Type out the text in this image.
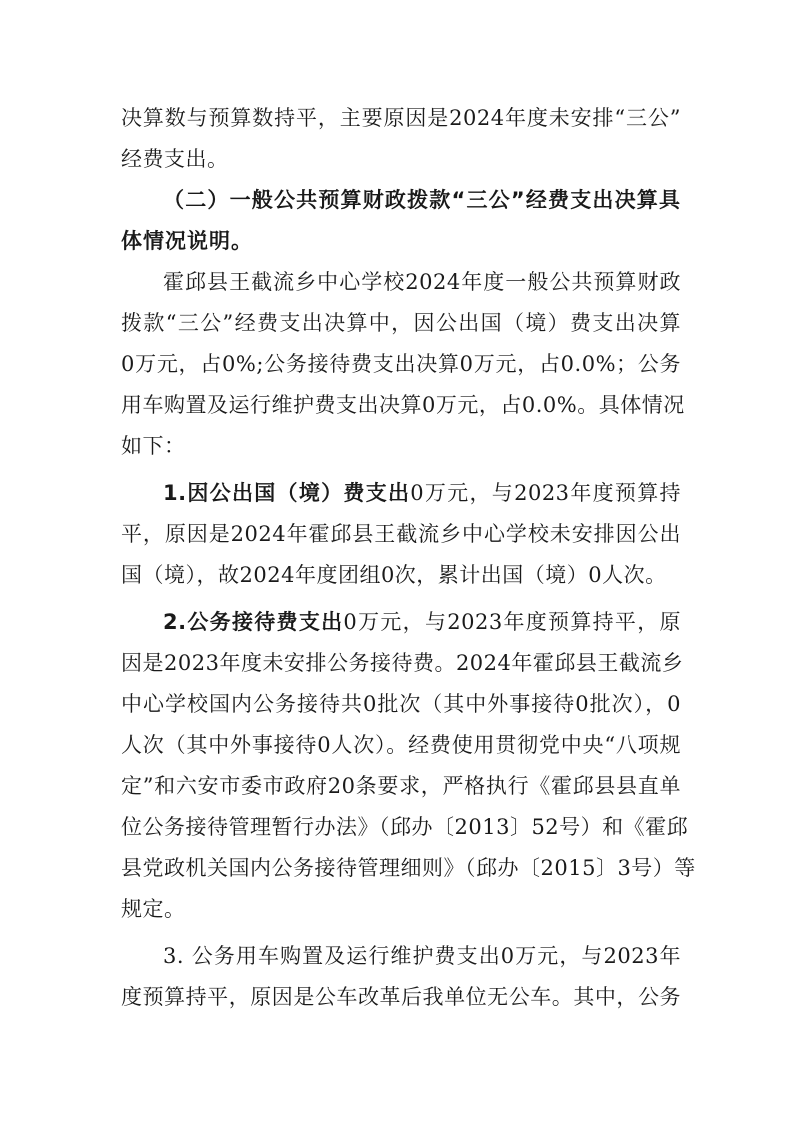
决算数与预算数持平，主要原因是2024年度未安排“三公”
经费支出。
（二）一般公共预算财政拨款“三公”经费支出决算具
体情况说明。
霍邱县王截流乡中心学校2024年度一般公共预算财政
拨款“三公”经费支出决算中，因公出国（境）费支出决算
0万元，占0%;公务接待费支出决算0万元，占0.0%；公务
用车购置及运行维护费支出决算0万元，占0.0%。具体情况
如下：
1.因公出国（境）费支出0万元，与2023年度预算持
平，原因是2024年霍邱县王截流乡中心学校未安排因公出
国（境），故2024年度团组0次，累计出国（境）0人次。
2.公务接待费支出0万元，与2023年度预算持平，原
因是2023年度未安排公务接待费。2024年霍邱县王截流乡
中心学校国内公务接待共0批次（其中外事接待0批次），0
人次（其中外事接待0人次）。经费使用贯彻党中央“八项规
定”和六安市委市政府20条要求，严格执行《霍邱县县直单
位公务接待管理暂行办法》（邱办〔2013〕52号）和《霍邱
县党政机关国内公务接待管理细则》（邱办〔2015〕3号）等
规定。
3. 公务用车购置及运行维护费支出0万元，与2023年
度预算持平，原因是公车改革后我单位无公车。其中，公务
